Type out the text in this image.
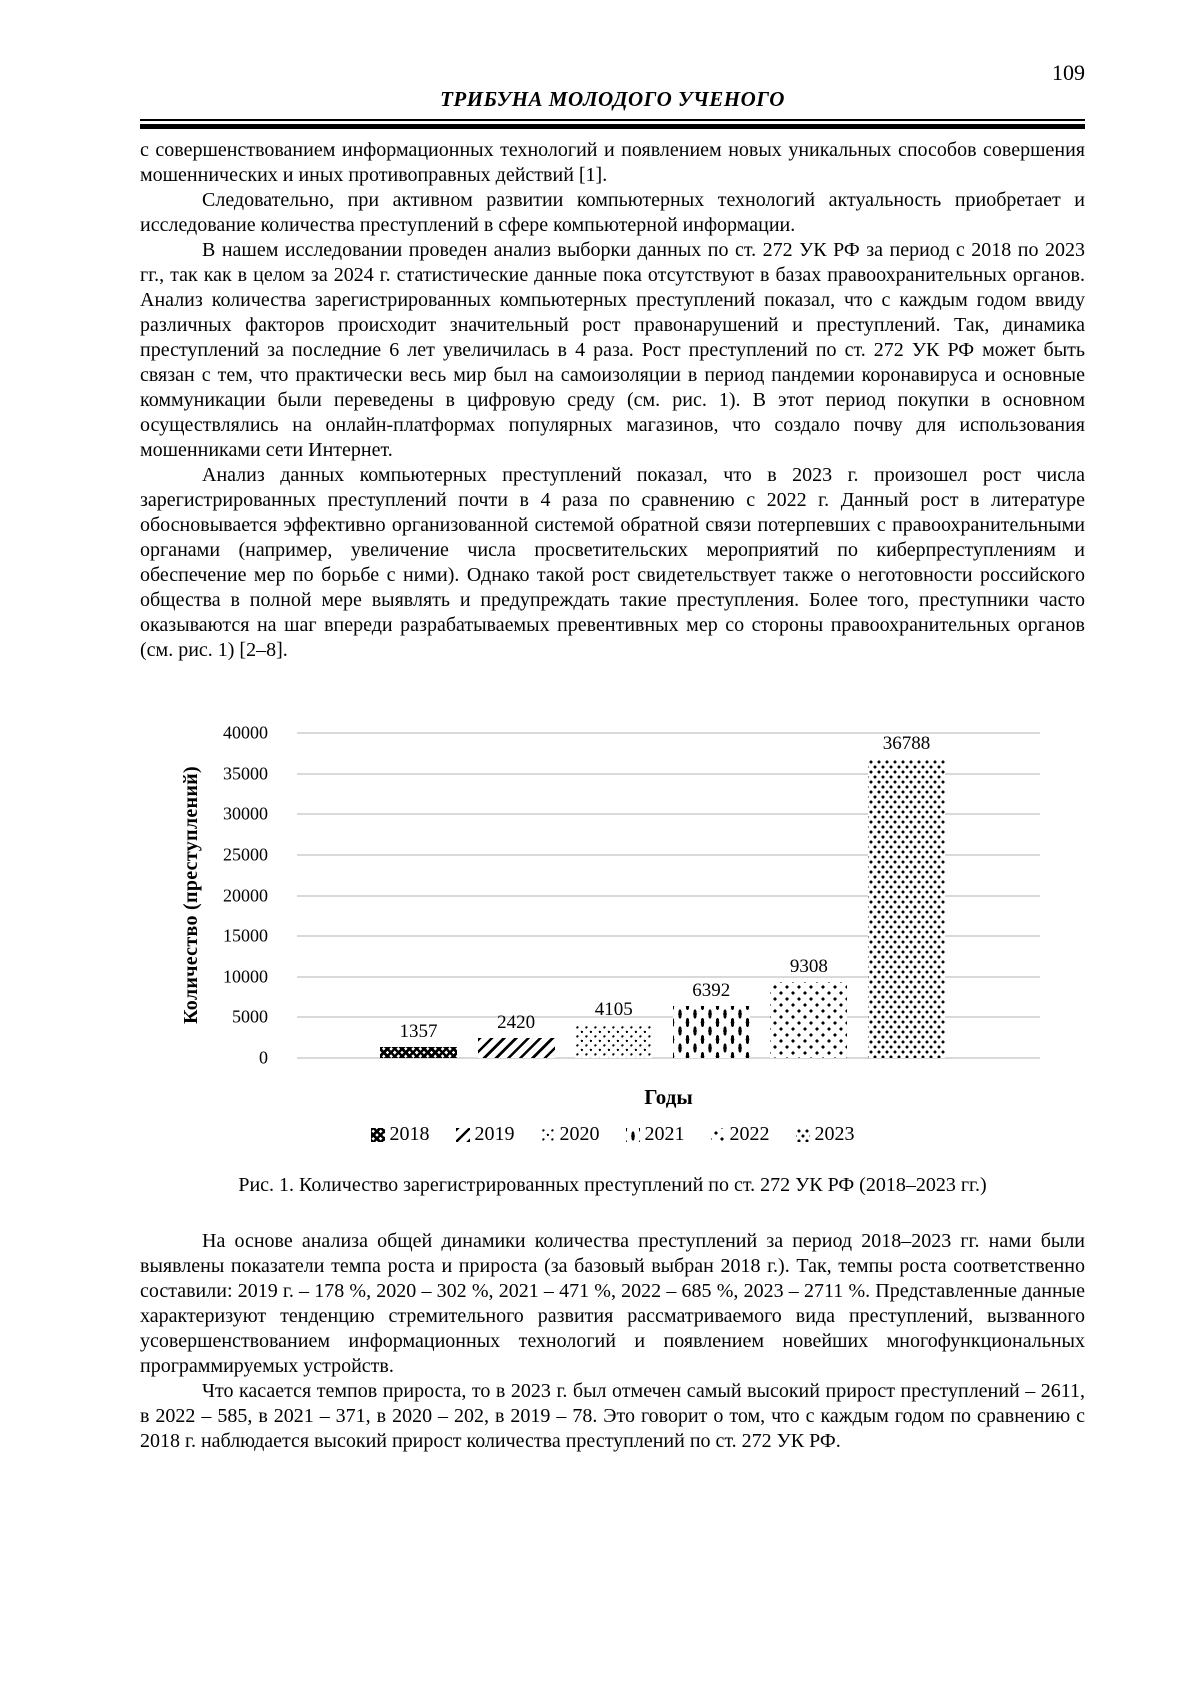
109
ТРИБУНА МОЛОДОГО УЧЕНОГО

с совершенствованием информационных технологий и появлением новых уникальных способов совершения мошеннических и иных противоправных действий [1].

Следовательно, при активном развитии компьютерных технологий актуальность приобретает и исследование количества преступлений в сфере компьютерной информации.

В нашем исследовании проведен анализ выборки данных по ст. 272 УК РФ за период с 2018 по 2023 гг., так как в целом за 2024 г. статистические данные пока отсутствуют в базах правоохранительных органов. Анализ количества зарегистрированных компьютерных преступлений показал, что с каждым годом ввиду различных факторов происходит значительный рост правонарушений и преступлений. Так, динамика преступлений за последние 6 лет увеличилась в 4 раза. Рост преступлений по ст. 272 УК РФ может быть связан с тем, что практически весь мир был на самоизоляции в период пандемии коронавируса и основные коммуникации были переведены в цифровую среду (см. рис. 1). В этот период покупки в основном осуществлялись на онлайн-платформах популярных магазинов, что создало почву для использования мошенниками сети Интернет.

Анализ данных компьютерных преступлений показал, что в 2023 г. произошел рост числа зарегистрированных преступлений почти в 4 раза по сравнению с 2022 г. Данный рост в литературе обосновывается эффективно организованной системой обратной связи потерпевших с правоохранительными органами (например, увеличение числа просветительских мероприятий по киберпреступлениям и обеспечение мер по борьбе с ними). Однако такой рост свидетельствует также о неготовности российского общества в полной мере выявлять и предупреждать такие преступления. Более того, преступники часто оказываются на шаг впереди разрабатываемых превентивных мер со стороны правоохранительных органов (см. рис. 1) [2–8].

Количество (преступлений)
40000
35000
30000
25000
20000
15000
10000
5000
0
1357	2420
4105
6392
9308
36788
Годы
2018 2019 2020 2021 2022 2023

Рис. 1. Количество зарегистрированных преступлений по ст. 272 УК РФ (2018–2023 гг.)

На основе анализа общей динамики количества преступлений за период 2018–2023 гг. нами были выявлены показатели темпа роста и прироста (за базовый выбран 2018 г.). Так, темпы роста соответственно составили: 2019 г. – 178 %, 2020 – 302 %, 2021 – 471 %, 2022 – 685 %, 2023 – 2711 %. Представленные данные характеризуют тенденцию стремительного развития рассматриваемого вида преступлений, вызванного усовершенствованием информационных технологий и появлением новейших многофункциональных программируемых устройств.

Что касается темпов прироста, то в 2023 г. был отмечен самый высокий прирост преступлений – 2611, в 2022 – 585, в 2021 – 371, в 2020 – 202, в 2019 – 78. Это говорит о том, что с каждым годом по сравнению с 2018 г. наблюдается высокий прирост количества преступлений по ст. 272 УК РФ.
